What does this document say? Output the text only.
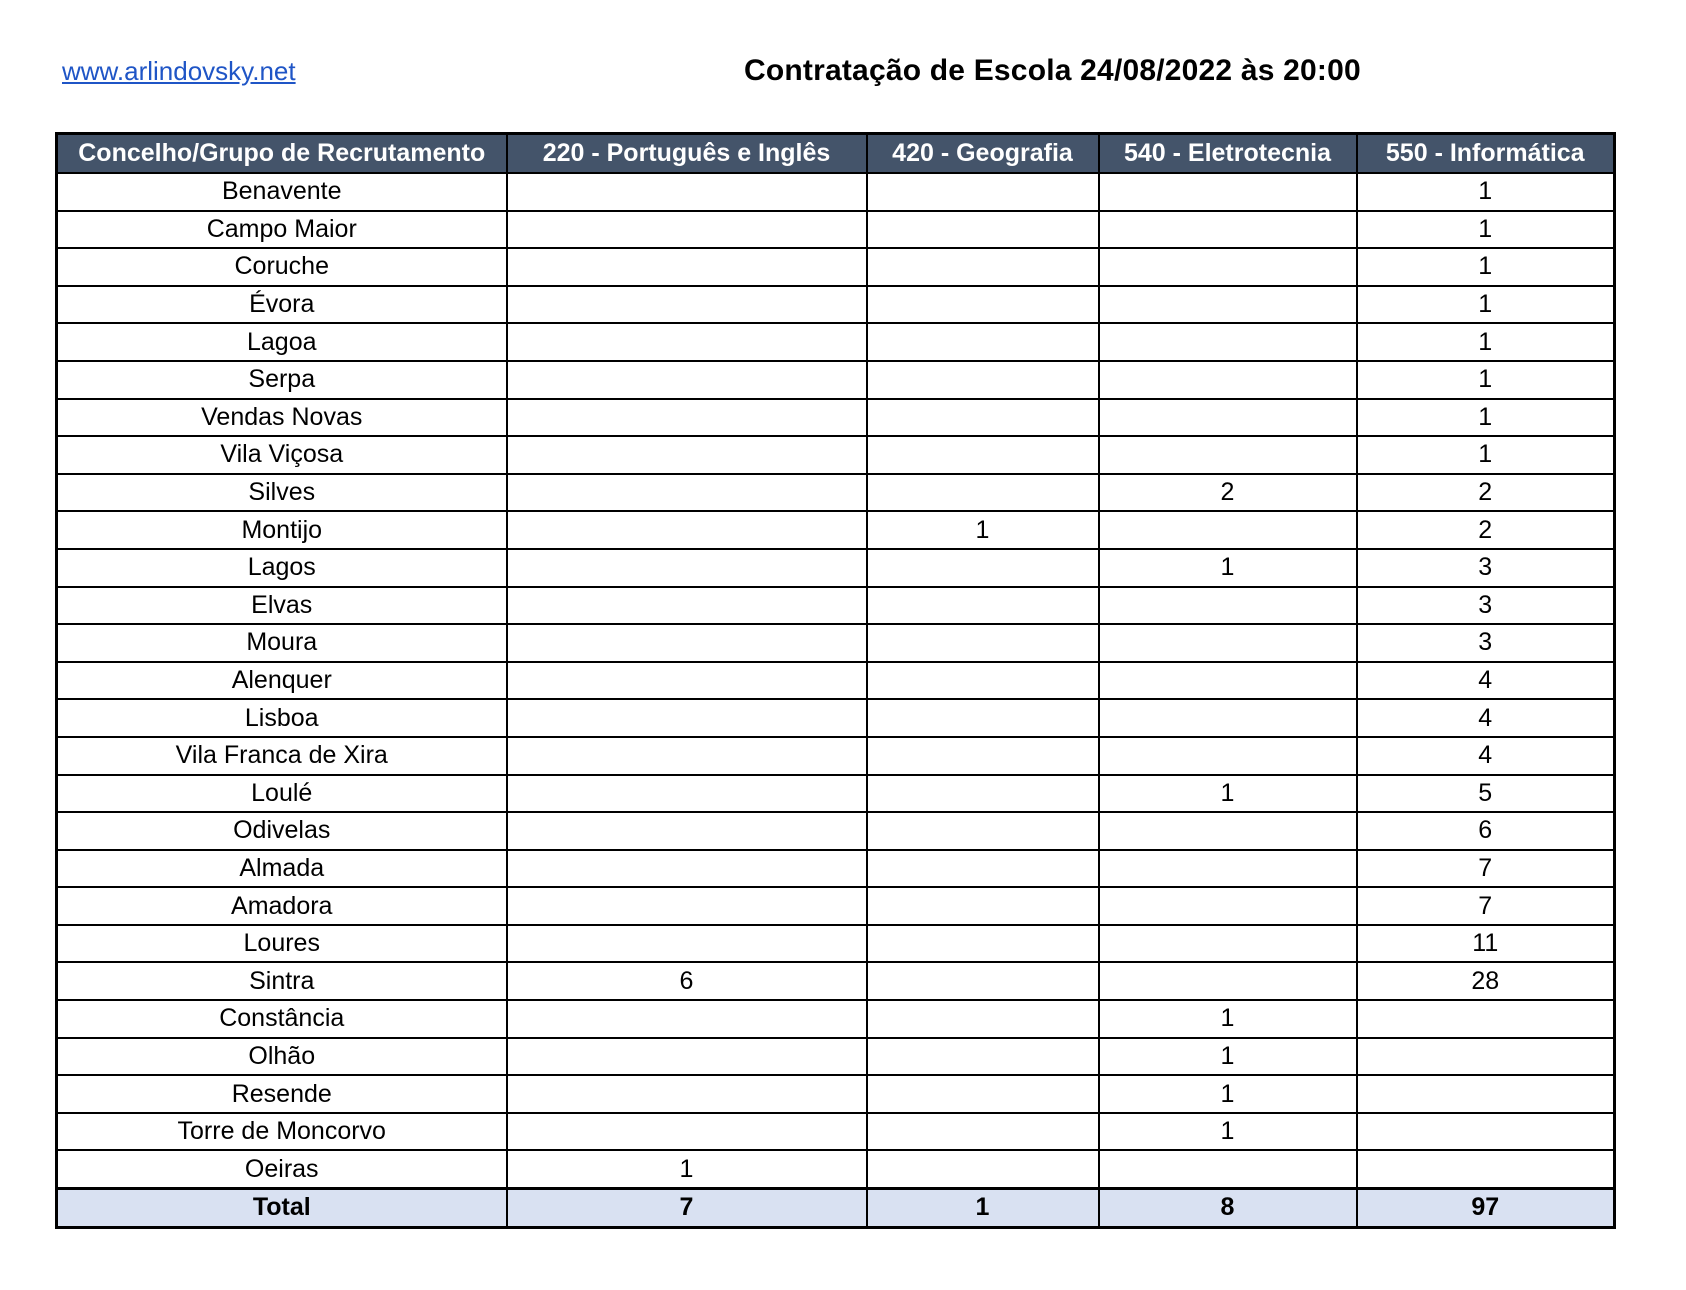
www.arlindovsky.net	Contratação de Escola 24/08/2022 às 20:00
Concelho/Grupo de Recrutamento	220 - Português e Inglês	420 - Geografia	540 - Eletrotecnia	550 - Informática
Benavente				1
Campo Maior				1
Coruche				1
Évora				1
Lagoa				1
Serpa				1
Vendas Novas				1
Vila Viçosa				1
Silves			2	2
Montijo		1		2
Lagos			1	3
Elvas				3
Moura				3
Alenquer				4
Lisboa				4
Vila Franca de Xira				4
Loulé			1	5
Odivelas				6
Almada				7
Amadora				7
Loures				11
Sintra	6			28
Constância			1	
Olhão			1	
Resende			1	
Torre de Moncorvo			1	
Oeiras	1			
Total	7	1	8	97
